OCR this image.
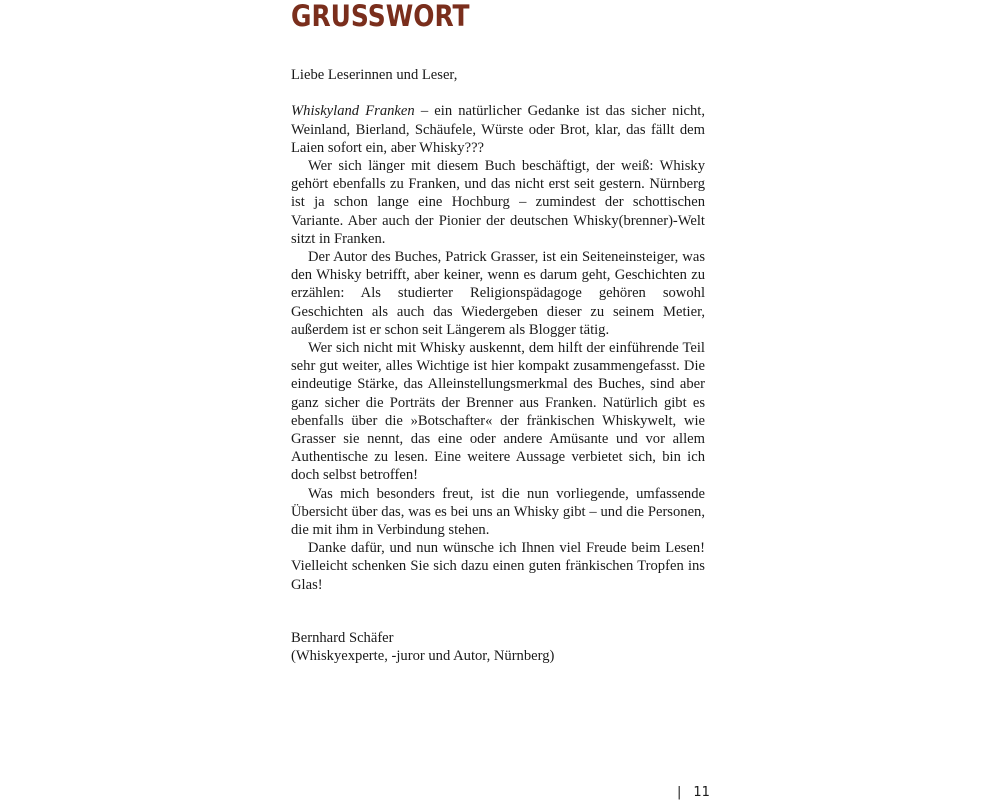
GRUSSWORT

Liebe Leserinnen und Leser,

Whiskyland Franken – ein natürlicher Gedanke ist das sicher nicht, Weinland, Bierland, Schäufele, Würste oder Brot, klar, das fällt dem Laien sofort ein, aber Whisky???

Wer sich länger mit diesem Buch beschäftigt, der weiß: Whisky gehört ebenfalls zu Franken, und das nicht erst seit gestern. Nürnberg ist ja schon lange eine Hochburg – zumindest der schottischen Variante. Aber auch der Pionier der deutschen Whisky(brenner)-Welt sitzt in Franken.

Der Autor des Buches, Patrick Grasser, ist ein Seiteneinsteiger, was den Whisky betrifft, aber keiner, wenn es darum geht, Geschichten zu erzählen: Als studierter Religionspädagoge gehören sowohl Geschichten als auch das Wiedergeben dieser zu seinem Metier, außerdem ist er schon seit Längerem als Blogger tätig.

Wer sich nicht mit Whisky auskennt, dem hilft der einführende Teil sehr gut weiter, alles Wichtige ist hier kompakt zusammengefasst. Die eindeutige Stärke, das Alleinstellungsmerkmal des Buches, sind aber ganz sicher die Porträts der Brenner aus Franken. Natürlich gibt es ebenfalls über die »Botschafter« der fränkischen Whiskywelt, wie Grasser sie nennt, das eine oder andere Amüsante und vor allem Authentische zu lesen. Eine weitere Aussage verbietet sich, bin ich doch selbst betroffen!

Was mich besonders freut, ist die nun vorliegende, umfassende Übersicht über das, was es bei uns an Whisky gibt – und die Personen, die mit ihm in Verbindung stehen.

Danke dafür, und nun wünsche ich Ihnen viel Freude beim Lesen! Vielleicht schenken Sie sich dazu einen guten fränkischen Tropfen ins Glas!

Bernhard Schäfer

(Whiskyexperte, -juror und Autor, Nürnberg)

| 11
